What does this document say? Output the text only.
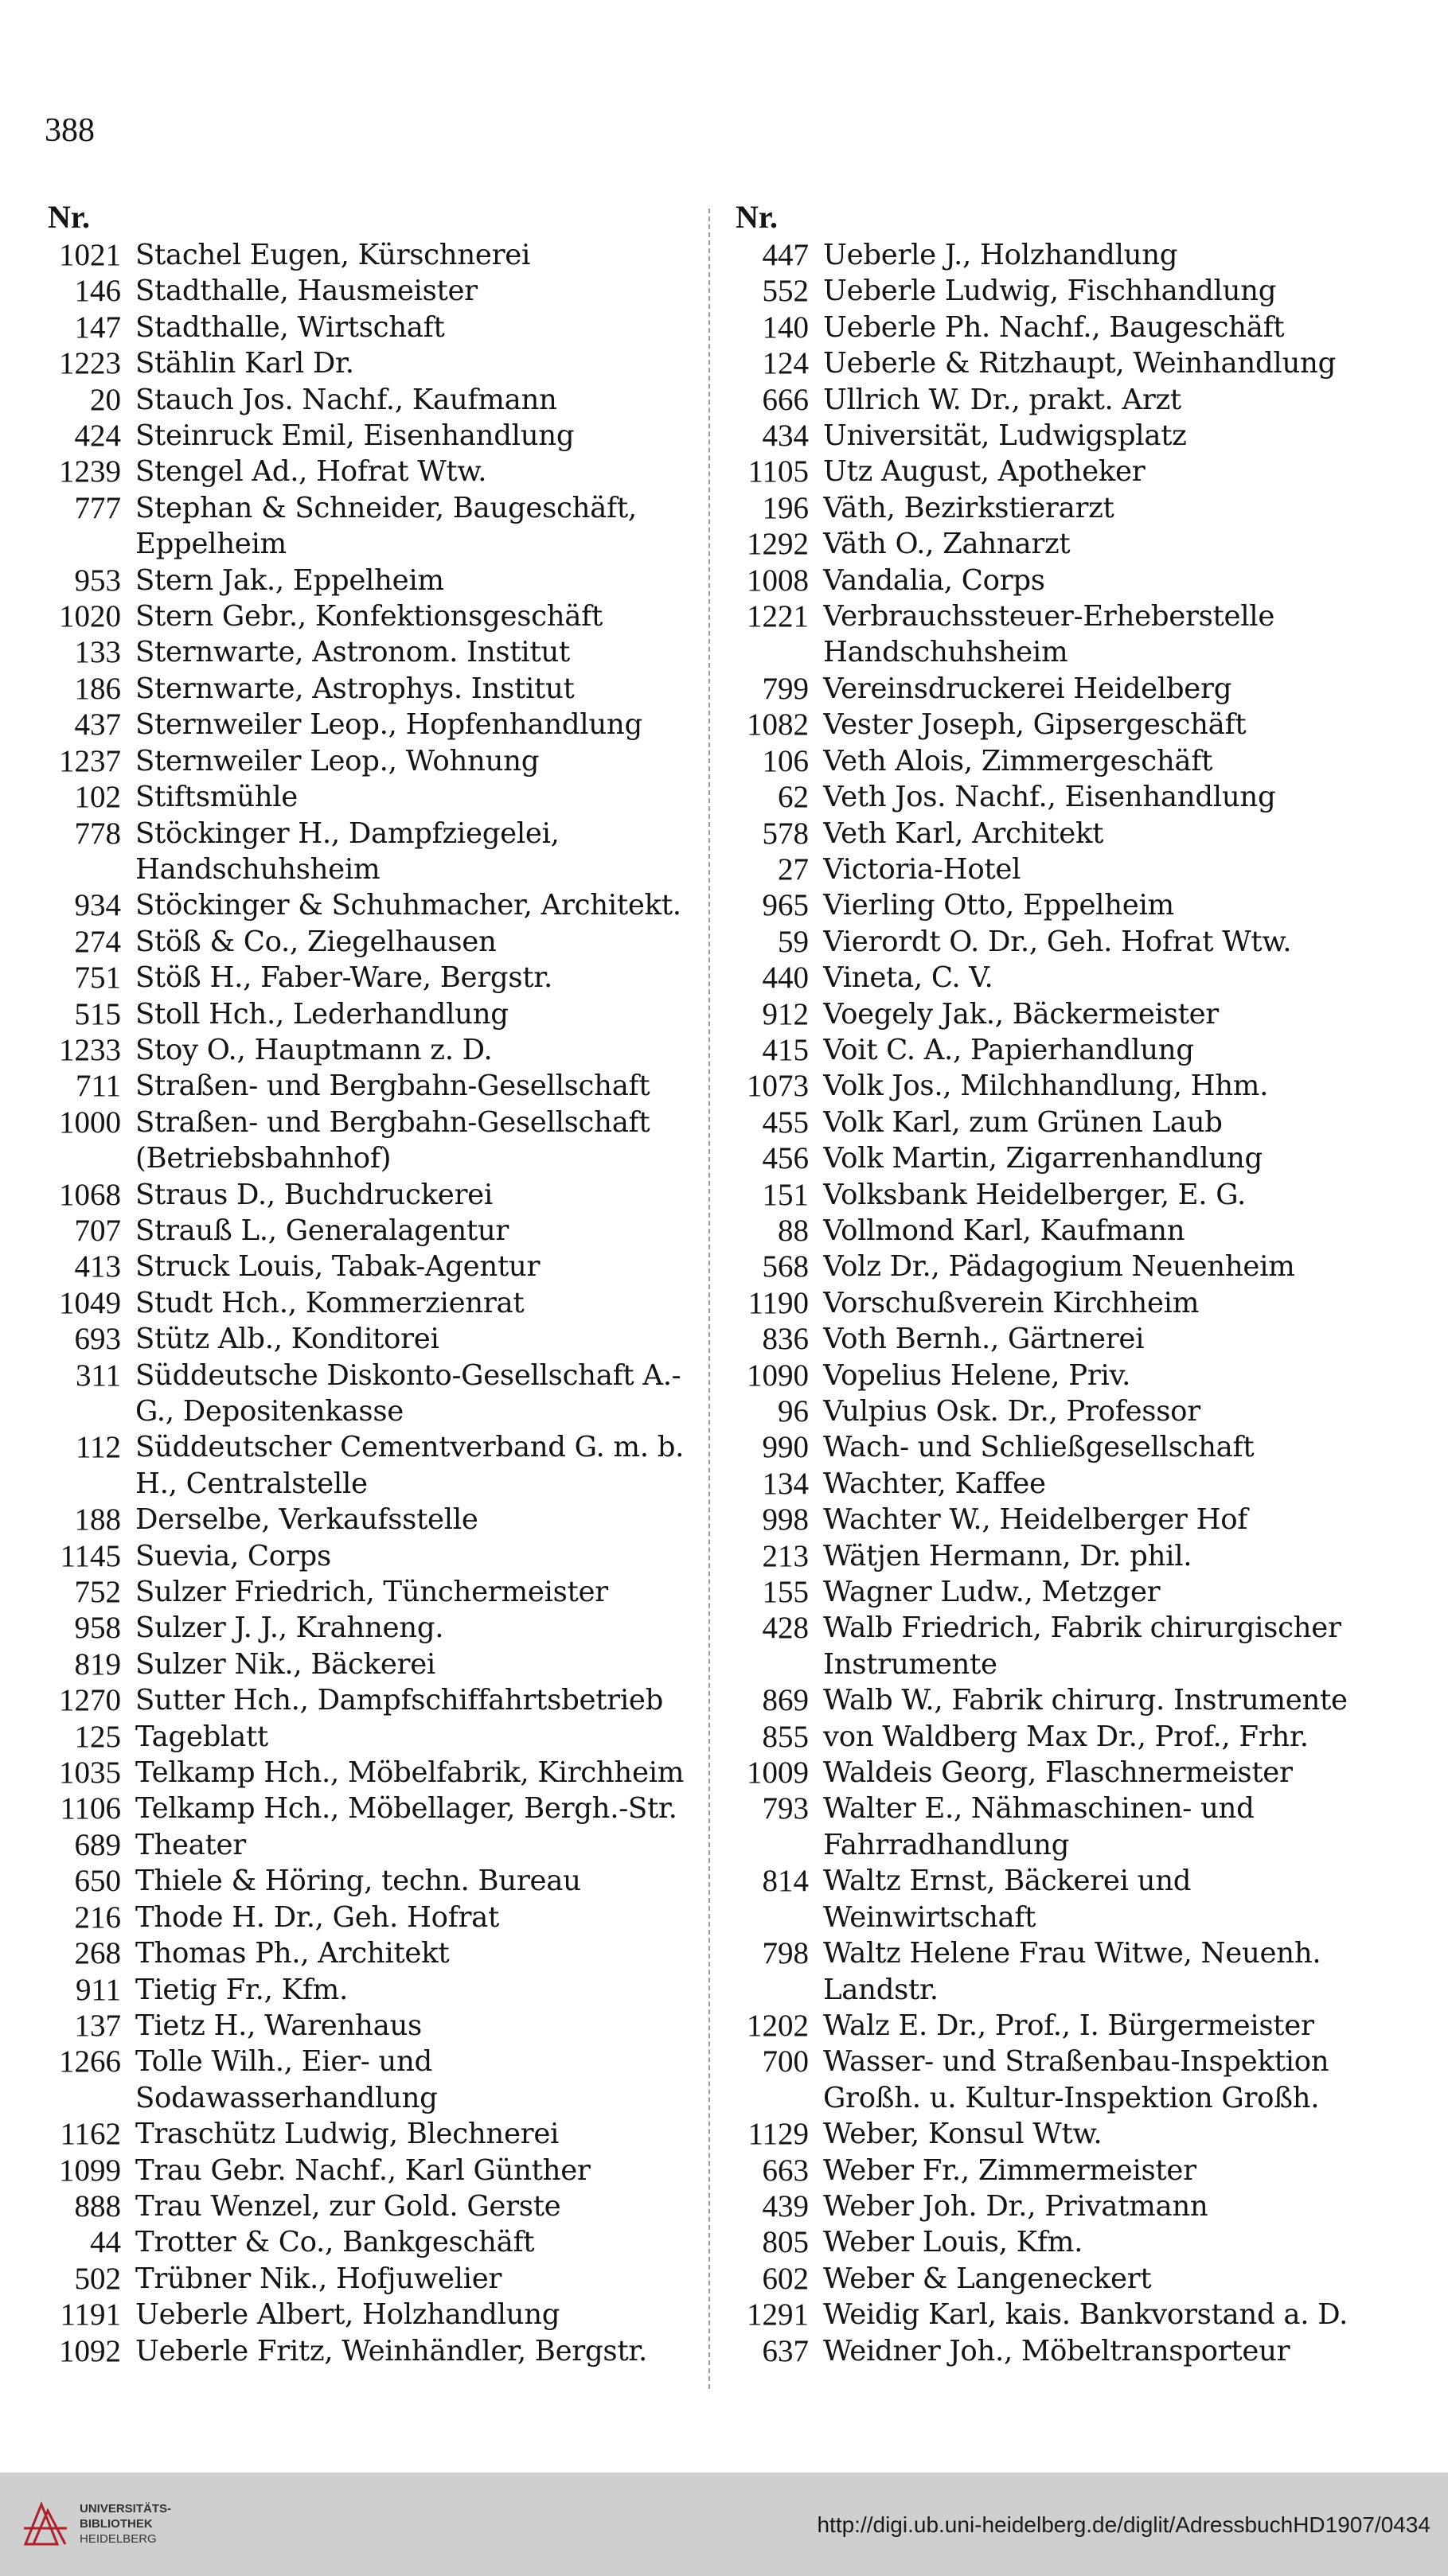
388
Nr.
1021 Stachel Eugen, Kürschnerei
146 Stadthalle, Hausmeister
147 Stadthalle, Wirtschaft
1223 Stählin Karl Dr.
20 Stauch Jos. Nachf., Kaufmann
424 Steinruck Emil, Eisenhandlung
1239 Stengel Ad., Hofrat Wtw.
777 Stephan & Schneider, Baugeschäft, Eppelheim
953 Stern Jak., Eppelheim
1020 Stern Gebr., Konfektionsgeschäft
133 Sternwarte, Astronom. Institut
186 Sternwarte, Astrophys. Institut
437 Sternweiler Leop., Hopfenhandlung
1237 Sternweiler Leop., Wohnung
102 Stiftsmühle
778 Stöckinger H., Dampfziegelei, Handschuhsheim
934 Stöckinger & Schuhmacher, Architekt.
274 Stöß & Co., Ziegelhausen
751 Stöß H., Faber-Ware, Bergstr.
515 Stoll Hch., Lederhandlung
1233 Stoy O., Hauptmann z. D.
711 Straßen- und Bergbahn-Gesellschaft
1000 Straßen- und Bergbahn-Gesellschaft (Betriebsbahnhof)
1068 Straus D., Buchdruckerei
707 Strauß L., Generalagentur
413 Struck Louis, Tabak-Agentur
1049 Studt Hch., Kommerzienrat
693 Stütz Alb., Konditorei
311 Süddeutsche Diskonto-Gesellschaft A.-G., Depositenkasse
112 Süddeutscher Cementverband G. m. b. H., Centralstelle
188 Derselbe, Verkaufsstelle
1145 Suevia, Corps
752 Sulzer Friedrich, Tünchermeister
958 Sulzer J. J., Krahneng.
819 Sulzer Nik., Bäckerei
1270 Sutter Hch., Dampfschiffahrtsbetrieb
125 Tageblatt
1035 Telkamp Hch., Möbelfabrik, Kirchheim
1106 Telkamp Hch., Möbellager, Bergh.-Str.
689 Theater
650 Thiele & Höring, techn. Bureau
216 Thode H. Dr., Geh. Hofrat
268 Thomas Ph., Architekt
911 Tietig Fr., Kfm.
137 Tietz H., Warenhaus
1266 Tolle Wilh., Eier- und Sodawasserhandlung
1162 Traschütz Ludwig, Blechnerei
1099 Trau Gebr. Nachf., Karl Günther
888 Trau Wenzel, zur Gold. Gerste
44 Trotter & Co., Bankgeschäft
502 Trübner Nik., Hofjuwelier
1191 Ueberle Albert, Holzhandlung
1092 Ueberle Fritz, Weinhändler, Bergstr.
Nr.
447 Ueberle J., Holzhandlung
552 Ueberle Ludwig, Fischhandlung
140 Ueberle Ph. Nachf., Baugeschäft
124 Ueberle & Ritzhaupt, Weinhandlung
666 Ullrich W. Dr., prakt. Arzt
434 Universität, Ludwigsplatz
1105 Utz August, Apotheker
196 Väth, Bezirkstierarzt
1292 Väth O., Zahnarzt
1008 Vandalia, Corps
1221 Verbrauchssteuer-Erheberstelle Handschuhsheim
799 Vereinsdruckerei Heidelberg
1082 Vester Joseph, Gipsergeschäft
106 Veth Alois, Zimmergeschäft
62 Veth Jos. Nachf., Eisenhandlung
578 Veth Karl, Architekt
27 Victoria-Hotel
965 Vierling Otto, Eppelheim
59 Vierordt O. Dr., Geh. Hofrat Wtw.
440 Vineta, C. V.
912 Voegely Jak., Bäckermeister
415 Voit C. A., Papierhandlung
1073 Volk Jos., Milchhandlung, Hhm.
455 Volk Karl, zum Grünen Laub
456 Volk Martin, Zigarrenhandlung
151 Volksbank Heidelberger, E. G.
88 Vollmond Karl, Kaufmann
568 Volz Dr., Pädagogium Neuenheim
1190 Vorschußverein Kirchheim
836 Voth Bernh., Gärtnerei
1090 Vopelius Helene, Priv.
96 Vulpius Osk. Dr., Professor
990 Wach- und Schließgesellschaft
134 Wachter, Kaffee
998 Wachter W., Heidelberger Hof
213 Wätjen Hermann, Dr. phil.
155 Wagner Ludw., Metzger
428 Walb Friedrich, Fabrik chirurgischer Instrumente
869 Walb W., Fabrik chirurg. Instrumente
855 von Waldberg Max Dr., Prof., Frhr.
1009 Waldeis Georg, Flaschnermeister
793 Walter E., Nähmaschinen- und Fahrradhandlung
814 Waltz Ernst, Bäckerei und Weinwirtschaft
798 Waltz Helene Frau Witwe, Neuenh. Landstr.
1202 Walz E. Dr., Prof., I. Bürgermeister
700 Wasser- und Straßenbau-Inspektion Großh. u. Kultur-Inspektion Großh.
1129 Weber, Konsul Wtw.
663 Weber Fr., Zimmermeister
439 Weber Joh. Dr., Privatmann
805 Weber Louis, Kfm.
602 Weber & Langeneckert
1291 Weidig Karl, kais. Bankvorstand a. D.
637 Weidner Joh., Möbeltransporteur
UNIVERSITÄTS-
BIBLIOTHEK
HEIDELBERG
http://digi.ub.uni-heidelberg.de/diglit/AdressbuchHD1907/0434
